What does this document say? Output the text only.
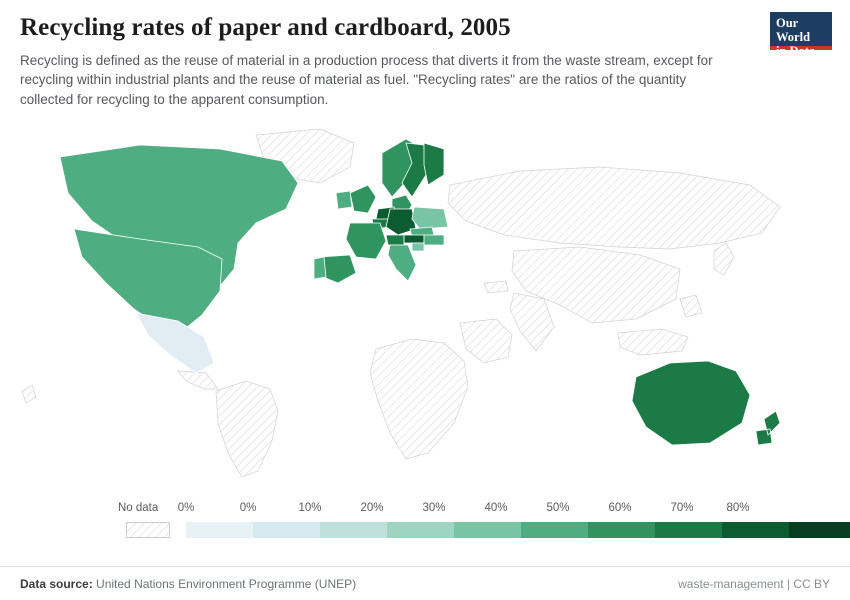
Our World
in Data
Recycling rates of paper and cardboard, 2005

Recycling is defined as the reuse of material in a production process that diverts it from the waste stream, except for recycling within industrial plants and the reuse of material as fuel. "Recycling rates" are the ratios of the quantity collected for recycling to the apparent consumption.

No data 0%	0%	10%	20%	30%	40%	50%	60%	70%	80%
Data source: United Nations Environment Programme (UNEP)	waste-management | CC BY
